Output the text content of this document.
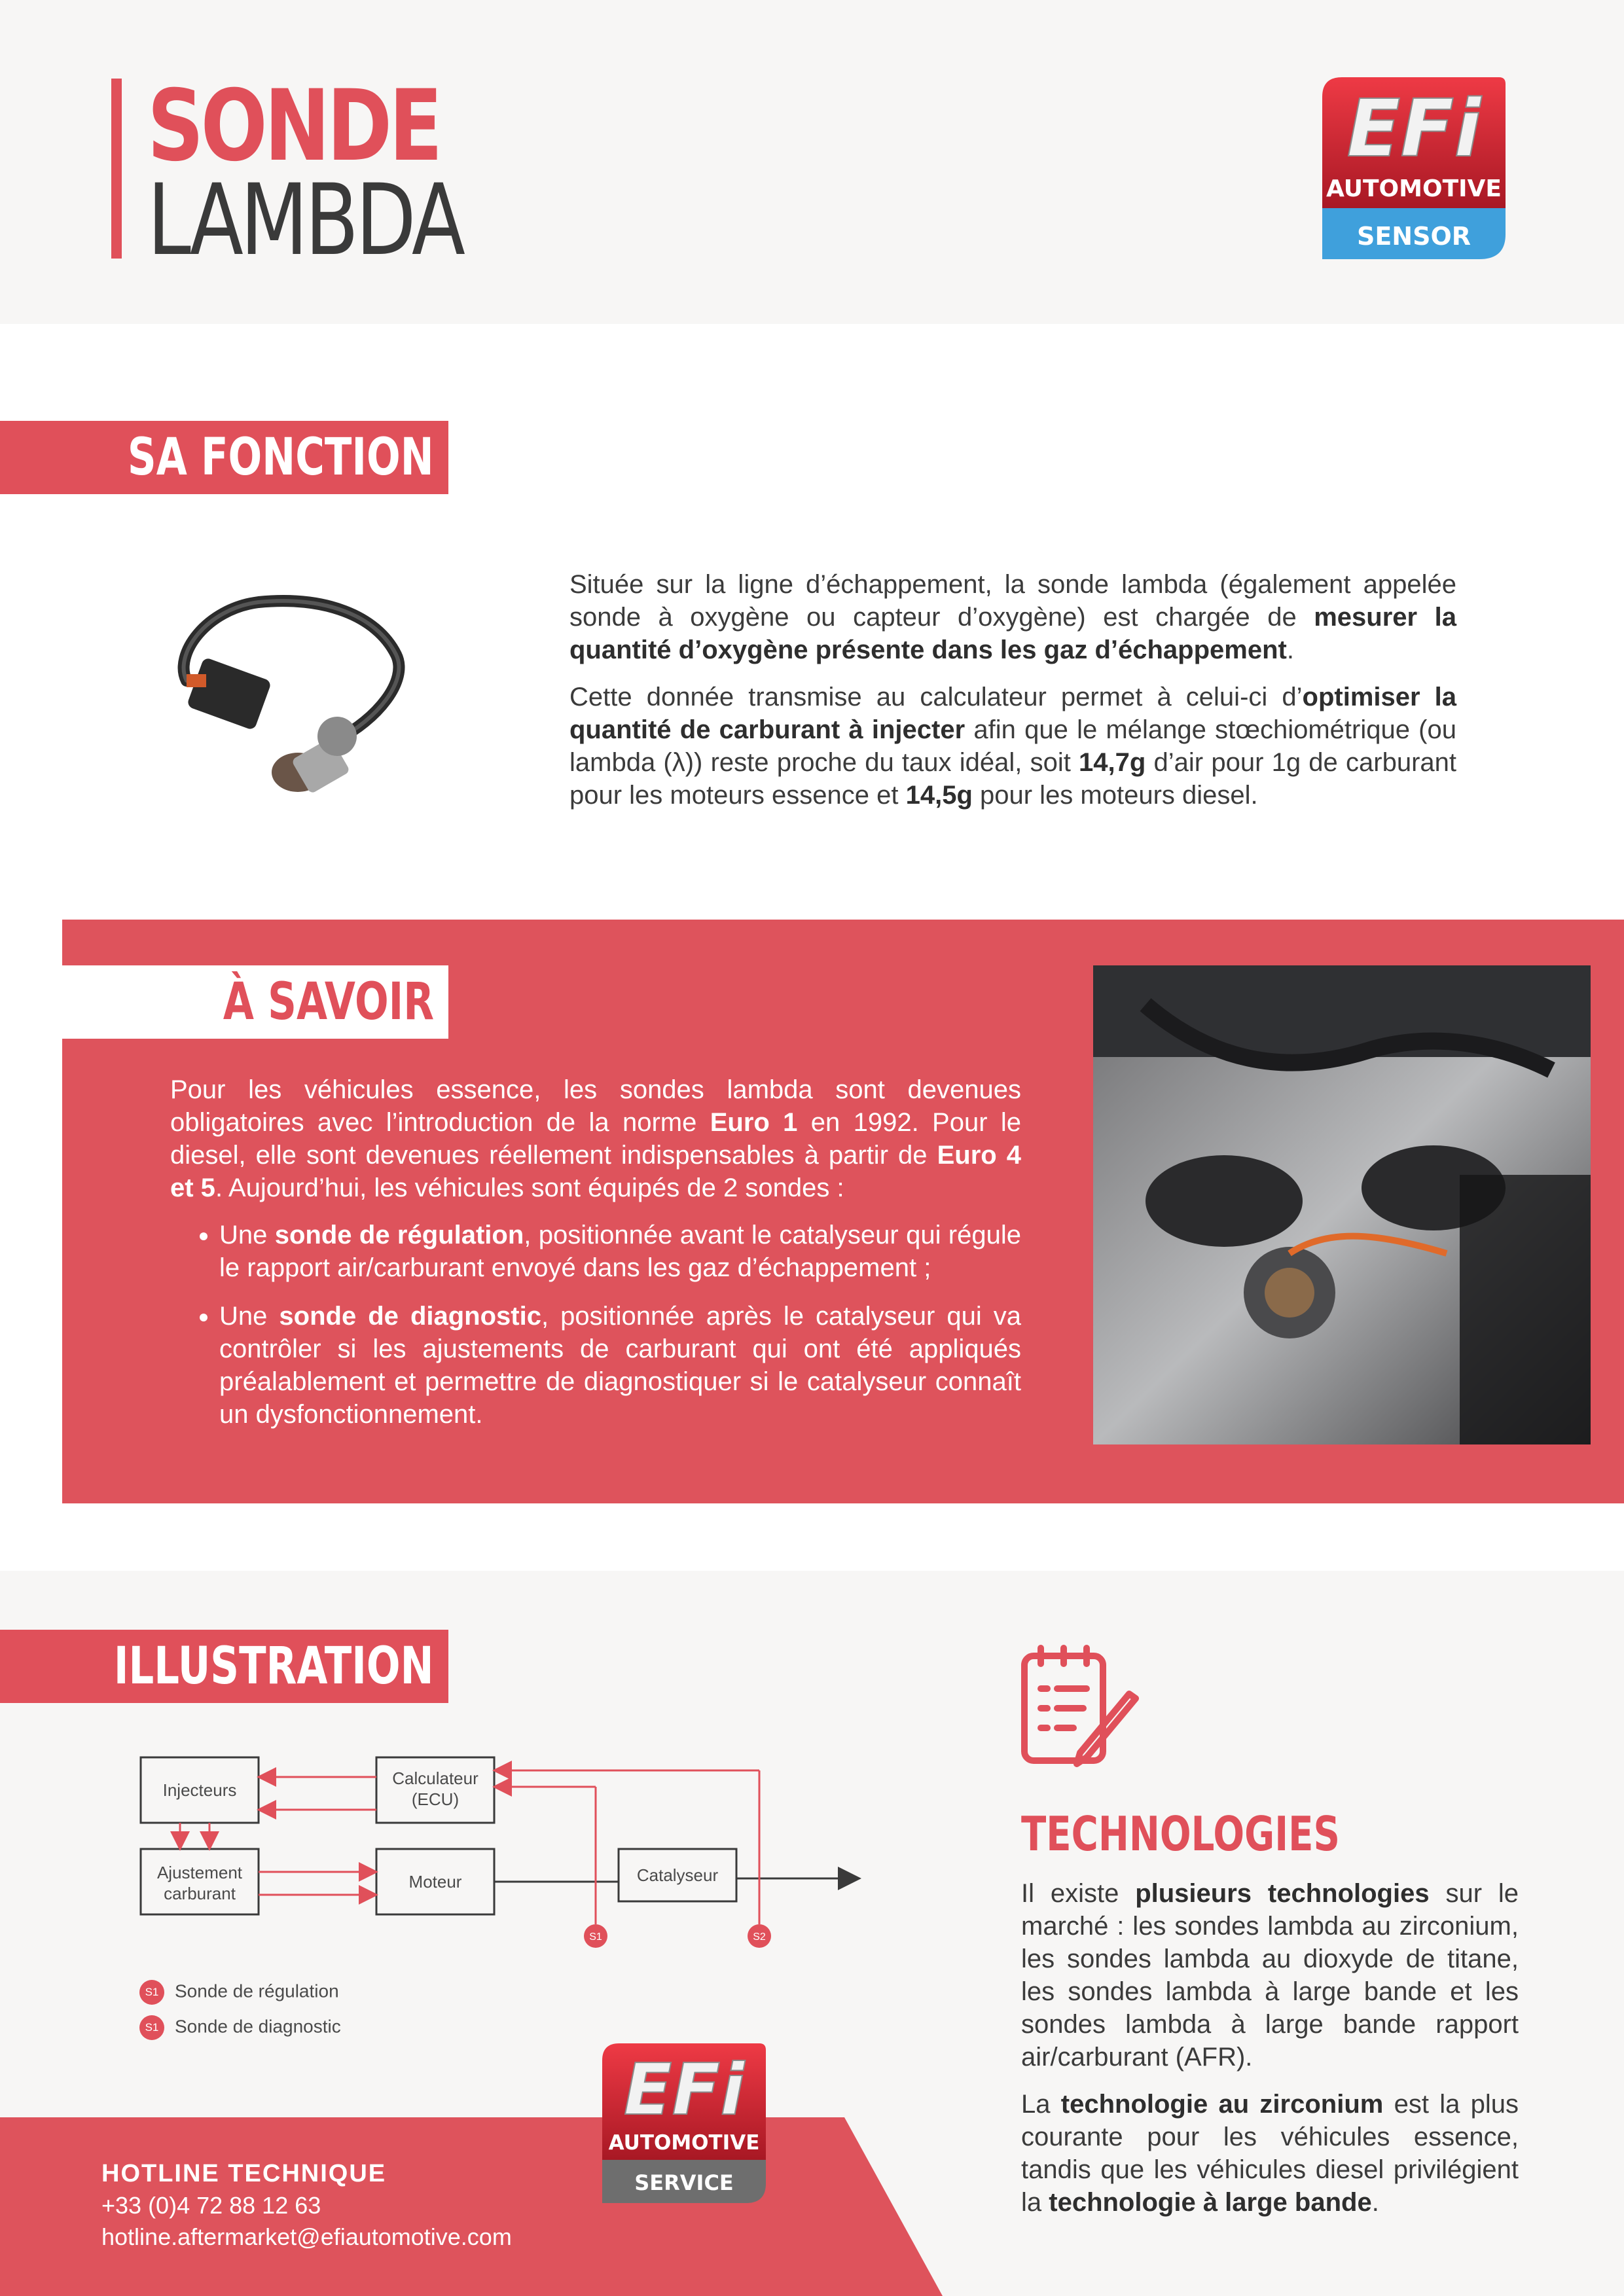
SONDE
LAMBDA
EFi
AUTOMOTIVE
SENSOR
SA FONCTION

Située sur la ligne d’échappement, la sonde lambda (également appelée sonde à oxygène ou capteur d’oxygène) est chargée de mesurer la quantité d’oxygène présente dans les gaz d’échappement.

Cette donnée transmise au calculateur permet à celui-ci d’optimiser la quantité de carburant à injecter afin que le mélange stœchiométrique (ou lambda (λ)) reste proche du taux idéal, soit 14,7g d’air pour 1g de carburant pour les moteurs essence et 14,5g pour les moteurs diesel.

À SAVOIR

Pour les véhicules essence, les sondes lambda sont devenues obligatoires avec l’introduction de la norme Euro 1 en 1992. Pour le diesel, elle sont devenues réellement indispensables à partir de Euro 4 et 5. Aujourd’hui, les véhicules sont équipés de 2 sondes :

• Une sonde de régulation, positionnée avant le catalyseur qui régule le rapport air/carburant envoyé dans les gaz d’échappement ;
• Une sonde de diagnostic, positionnée après le catalyseur qui va contrôler si les ajustements de carburant qui ont été appliqués préalablement et permettre de diagnostiquer si le catalyseur connaît un dysfonctionnement.
ILLUSTRATION
S1	S2
Injecteurs
Calculateur
(ECU)
Ajustement
carburant
Moteur	Catalyseur
S1 Sonde de régulation
S1 Sonde de diagnostic
HOTLINE TECHNIQUE
+33 (0)4 72 88 12 63
hotline.aftermarket@efiautomotive.com
EFi
AUTOMOTIVE
SERVICE
TECHNOLOGIES

Il existe plusieurs technologies sur le marché : les sondes lambda au zirconium, les sondes lambda au dioxyde de titane, les sondes lambda à large bande et les sondes lambda à large bande rapport air/carburant (AFR).

La technologie au zirconium est la plus courante pour les véhicules essence, tandis que les véhicules diesel privilégient la technologie à large bande.
